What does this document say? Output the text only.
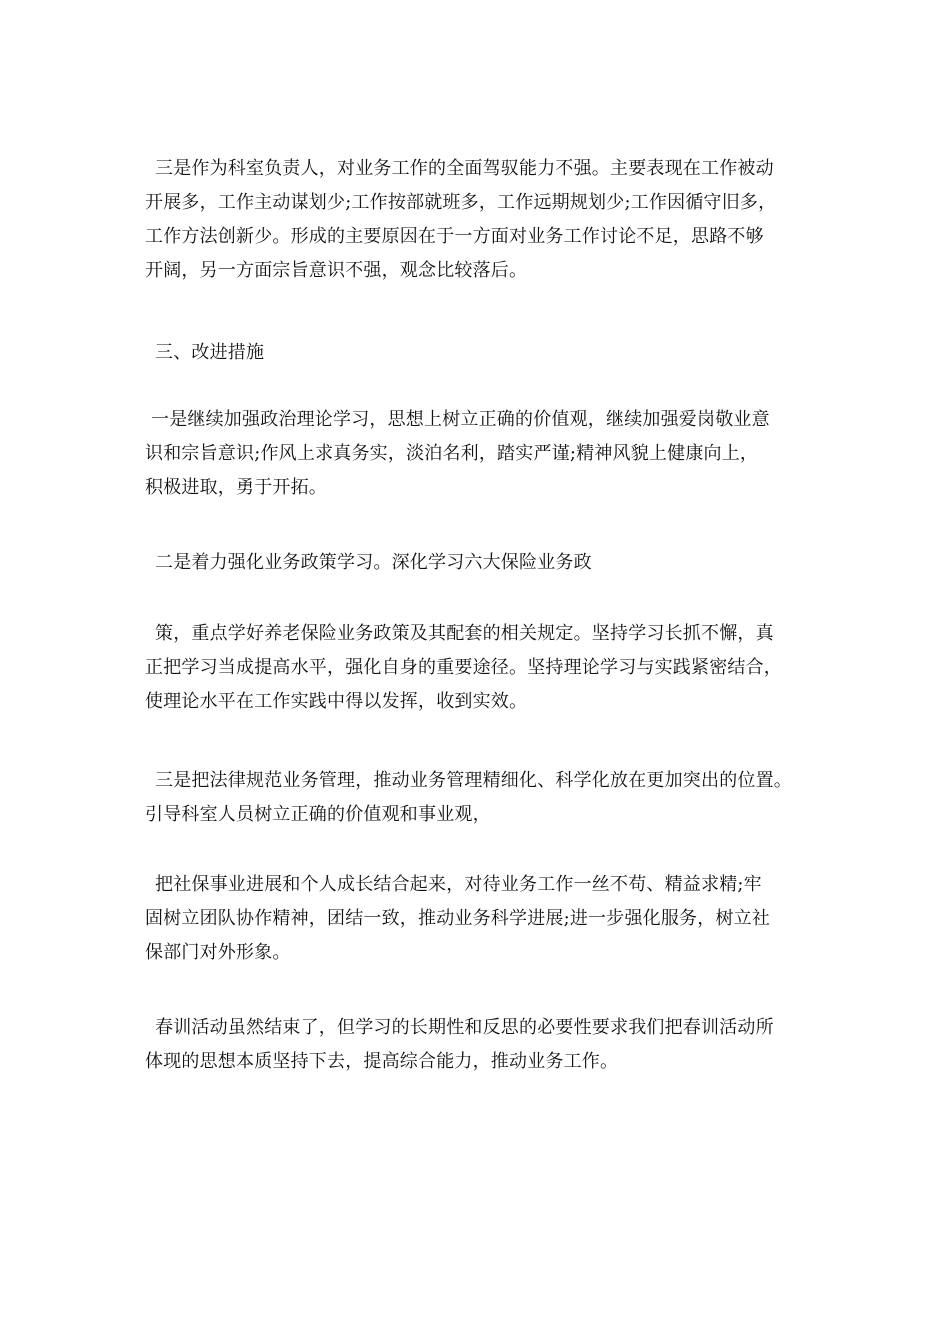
三是作为科室负责人，对业务工作的全面驾驭能力不强。主要表现在工作被动
开展多，工作主动谋划少;工作按部就班多，工作远期规划少;工作因循守旧多，
工作方法创新少。形成的主要原因在于一方面对业务工作讨论不足，思路不够
开阔，另一方面宗旨意识不强，观念比较落后。

三、改进措施

一是继续加强政治理论学习，思想上树立正确的价值观，继续加强爱岗敬业意
识和宗旨意识;作风上求真务实，淡泊名利，踏实严谨;精神风貌上健康向上，
积极进取，勇于开拓。

二是着力强化业务政策学习。深化学习六大保险业务政

策，重点学好养老保险业务政策及其配套的相关规定。坚持学习长抓不懈，真
正把学习当成提高水平，强化自身的重要途径。坚持理论学习与实践紧密结合，
使理论水平在工作实践中得以发挥，收到实效。

三是把法律规范业务管理，推动业务管理精细化、科学化放在更加突出的位置。
引导科室人员树立正确的价值观和事业观，

把社保事业进展和个人成长结合起来，对待业务工作一丝不苟、精益求精;牢
固树立团队协作精神，团结一致，推动业务科学进展;进一步强化服务，树立社
保部门对外形象。

春训活动虽然结束了，但学习的长期性和反思的必要性要求我们把春训活动所
体现的思想本质坚持下去，提高综合能力，推动业务工作。
